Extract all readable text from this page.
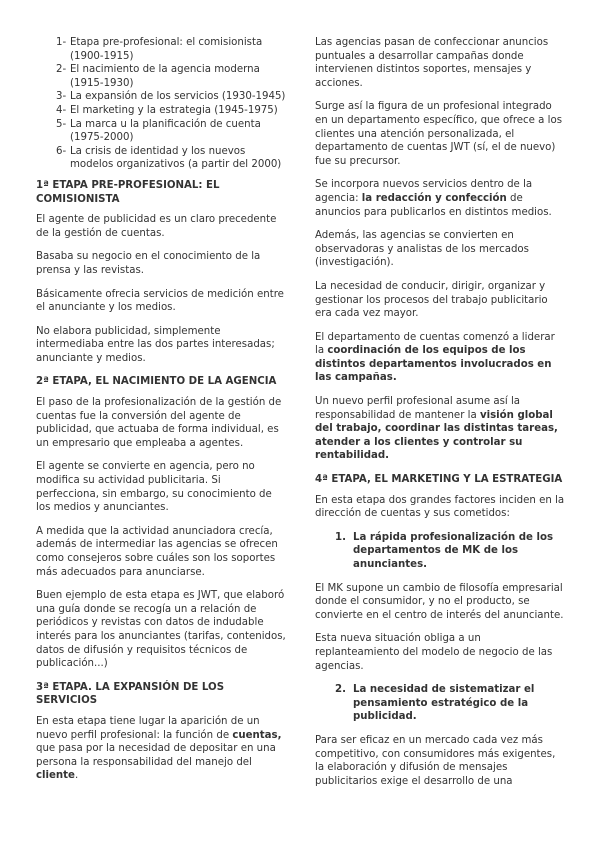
1- Etapa pre-profesional: el comisionista (1900-1915)
2- El nacimiento de la agencia moderna (1915-1930)
3- La expansión de los servicios (1930-1945)
4- El marketing y la estrategia (1945-1975)
5- La marca u la planificación de cuenta (1975-2000)
6- La crisis de identidad y los nuevos modelos organizativos (a partir del 2000)
1ª ETAPA PRE-PROFESIONAL: EL COMISIONISTA

El agente de publicidad es un claro precedente de la gestión de cuentas.

Basaba su negocio en el conocimiento de la prensa y las revistas.

Básicamente ofrecia servicios de medición entre el anunciante y los medios.

No elabora publicidad, simplemente intermediaba entre las dos partes interesadas; anunciante y medios.

2ª ETAPA, EL NACIMIENTO DE LA AGENCIA

El paso de la profesionalización de la gestión de cuentas fue la conversión del agente de publicidad, que actuaba de forma individual, es un empresario que empleaba a agentes.

El agente se convierte en agencia, pero no modifica su actividad publicitaria. Si perfecciona, sin embargo, su conocimiento de los medios y anunciantes.

A medida que la actividad anunciadora crecía, además de intermediar las agencias se ofrecen como consejeros sobre cuáles son los soportes más adecuados para anunciarse.

Buen ejemplo de esta etapa es JWT, que elaboró una guía donde se recogía un a relación de periódicos y revistas con datos de indudable interés para los anunciantes (tarifas, contenidos, datos de difusión y requisitos técnicos de publicación...)

3ª ETAPA. LA EXPANSIÓN DE LOS SERVICIOS

En esta etapa tiene lugar la aparición de un nuevo perfil profesional: la función de cuentas, que pasa por la necesidad de depositar en una persona la responsabilidad del manejo del cliente.

Las agencias pasan de confeccionar anuncios puntuales a desarrollar campañas donde intervienen distintos soportes, mensajes y acciones.

Surge así la figura de un profesional integrado en un departamento específico, que ofrece a los clientes una atención personalizada, el departamento de cuentas JWT (sí, el de nuevo) fue su precursor.

Se incorpora nuevos servicios dentro de la agencia: la redacción y confección de anuncios para publicarlos en distintos medios.

Además, las agencias se convierten en observadoras y analistas de los mercados (investigación).

La necesidad de conducir, dirigir, organizar y gestionar los procesos del trabajo publicitario era cada vez mayor.

El departamento de cuentas comenzó a liderar la coordinación de los equipos de los distintos departamentos involucrados en las campañas.

Un nuevo perfil profesional asume así la responsabilidad de mantener la visión global del trabajo, coordinar las distintas tareas, atender a los clientes y controlar su rentabilidad.

4ª ETAPA, EL MARKETING Y LA ESTRATEGIA

En esta etapa dos grandes factores inciden en la dirección de cuentas y sus cometidos:

1. La rápida profesionalización de los departamentos de MK de los anunciantes.

El MK supone un cambio de filosofía empresarial donde el consumidor, y no el producto, se convierte en el centro de interés del anunciante.

Esta nueva situación obliga a un replanteamiento del modelo de negocio de las agencias.

2. La necesidad de sistematizar el pensamiento estratégico de la publicidad.

Para ser eficaz en un mercado cada vez más competitivo, con consumidores más exigentes, la elaboración y difusión de mensajes publicitarios exige el desarrollo de una
